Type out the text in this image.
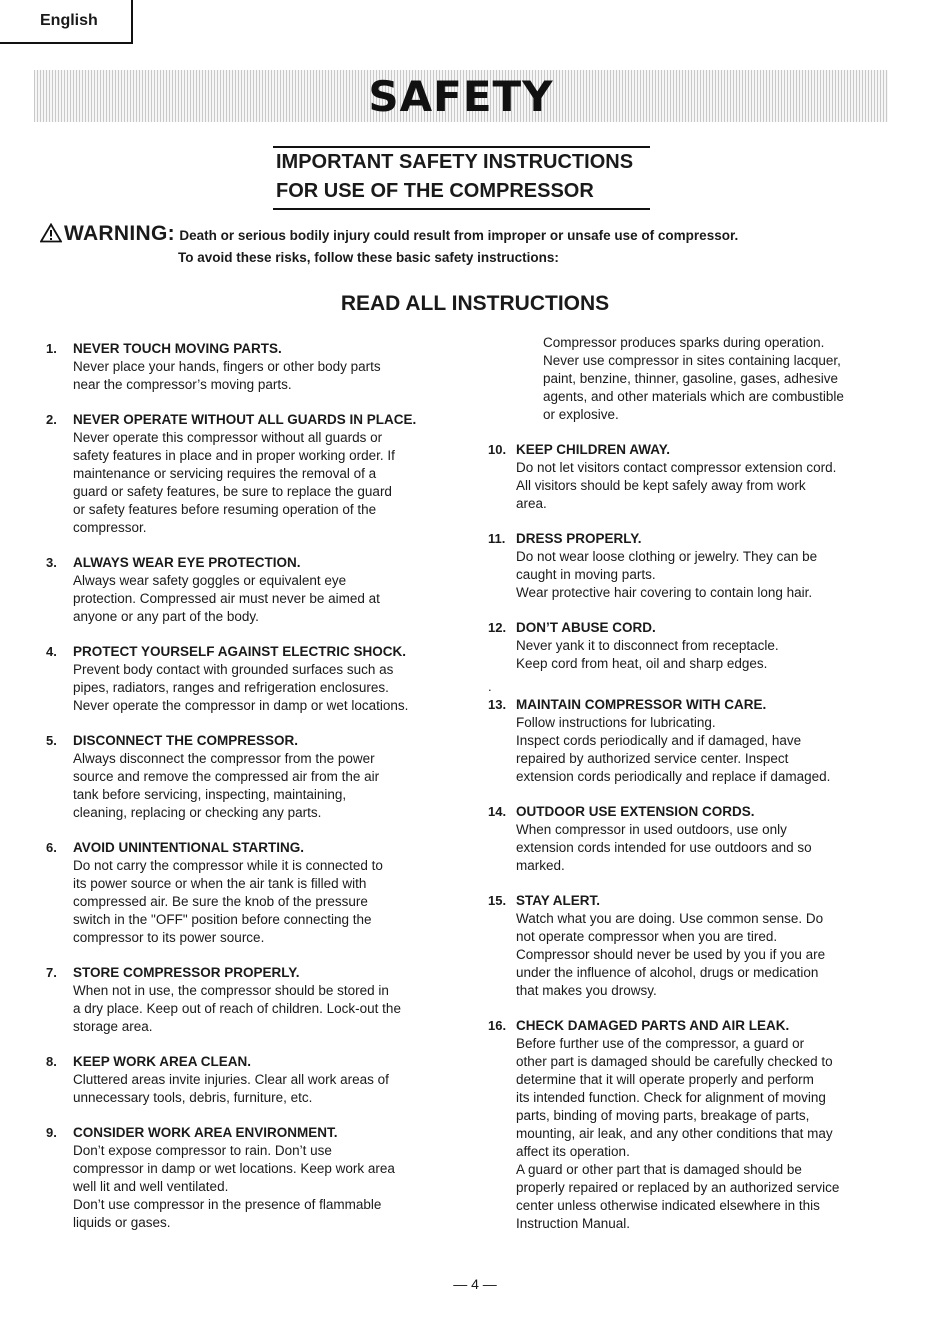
English
SAFETY
IMPORTANT SAFETY INSTRUCTIONS
FOR USE OF THE COMPRESSOR
WARNING: Death or serious bodily injury could result from improper or unsafe use of compressor.
To avoid these risks, follow these basic safety instructions:
READ ALL INSTRUCTIONS
1. NEVER TOUCH MOVING PARTS.
Never place your hands, fingers or other body parts
near the compressor’s moving parts.
2. NEVER OPERATE WITHOUT ALL GUARDS IN PLACE.
Never operate this compressor without all guards or
safety features in place and in proper working order. If
maintenance or servicing requires the removal of a
guard or safety features, be sure to replace the guard
or safety features before resuming operation of the
compressor.
3. ALWAYS WEAR EYE PROTECTION.
Always wear safety goggles or equivalent eye
protection. Compressed air must never be aimed at
anyone or any part of the body.
4. PROTECT YOURSELF AGAINST ELECTRIC SHOCK.
Prevent body contact with grounded surfaces such as
pipes, radiators, ranges and refrigeration enclosures.
Never operate the compressor in damp or wet locations.
5. DISCONNECT THE COMPRESSOR.
Always disconnect the compressor from the power
source and remove the compressed air from the air
tank before servicing, inspecting, maintaining,
cleaning, replacing or checking any parts.
6. AVOID UNINTENTIONAL STARTING.
Do not carry the compressor while it is connected to
its power source or when the air tank is filled with
compressed air. Be sure the knob of the pressure
switch in the "OFF" position before connecting the
compressor to its power source.
7. STORE COMPRESSOR PROPERLY.
When not in use, the compressor should be stored in
a dry place. Keep out of reach of children. Lock-out the
storage area.
8. KEEP WORK AREA CLEAN.
Cluttered areas invite injuries. Clear all work areas of
unnecessary tools, debris, furniture, etc.
9. CONSIDER WORK AREA ENVIRONMENT.
Don’t expose compressor to rain. Don’t use
compressor in damp or wet locations. Keep work area
well lit and well ventilated.
Don’t use compressor in the presence of flammable
liquids or gases.
Compressor produces sparks during operation.
Never use compressor in sites containing lacquer,
paint, benzine, thinner, gasoline, gases, adhesive
agents, and other materials which are combustible
or explosive.
10. KEEP CHILDREN AWAY.
Do not let visitors contact compressor extension cord.
All visitors should be kept safely away from work
area.
11. DRESS PROPERLY.
Do not wear loose clothing or jewelry. They can be
caught in moving parts.
Wear protective hair covering to contain long hair.
12. DON’T ABUSE CORD.
Never yank it to disconnect from receptacle.
Keep cord from heat, oil and sharp edges.
.
13. MAINTAIN COMPRESSOR WITH CARE.
Follow instructions for lubricating.
Inspect cords periodically and if damaged, have
repaired by authorized service center. Inspect
extension cords periodically and replace if damaged.
14. OUTDOOR USE EXTENSION CORDS.
When compressor in used outdoors, use only
extension cords intended for use outdoors and so
marked.
15. STAY ALERT.
Watch what you are doing. Use common sense. Do
not operate compressor when you are tired.
Compressor should never be used by you if you are
under the influence of alcohol, drugs or medication
that makes you drowsy.
16. CHECK DAMAGED PARTS AND AIR LEAK.
Before further use of the compressor, a guard or
other part is damaged should be carefully checked to
determine that it will operate properly and perform
its intended function. Check for alignment of moving
parts, binding of moving parts, breakage of parts,
mounting, air leak, and any other conditions that may
affect its operation.
A guard or other part that is damaged should be
properly repaired or replaced by an authorized service
center unless otherwise indicated elsewhere in this
Instruction Manual.
— 4 —
